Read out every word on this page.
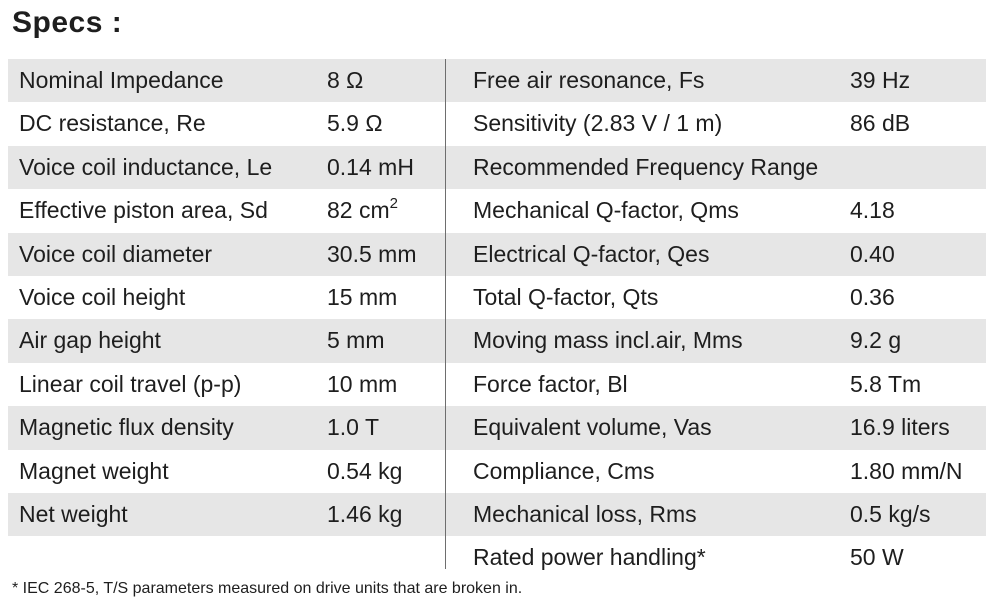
Specs :
Nominal Impedance	8 Ω	Free air resonance, Fs	39 Hz
DC resistance, Re	5.9 Ω	Sensitivity (2.83 V / 1 m)	86 dB
Voice coil inductance, Le 0.14 mH	Recommended Frequency Range
Effective piston area, Sd	82 $cm^2$	Mechanical Q-factor, Qms	4.18
Voice coil diameter	30.5 mm Electrical Q-factor, Qes	0.40
Voice coil height	15 mm	Total Q-factor, Qts	0.36
Air gap height	5 mm	Moving mass incl.air, Mms	9.2 g
Linear coil travel (p-p)	10 mm	Force factor, Bl	5.8 Tm
Magnetic flux density	1.0 T	Equivalent volume, Vas	16.9 liters
Magnet weight	0.54 kg	Compliance, Cms	1.80 mm/N
Net weight	1.46 kg	Mechanical loss, Rms	0.5 kg/s
Rated power handling*	50 W
* IEC 268-5, T/S parameters measured on drive units that are broken in.
